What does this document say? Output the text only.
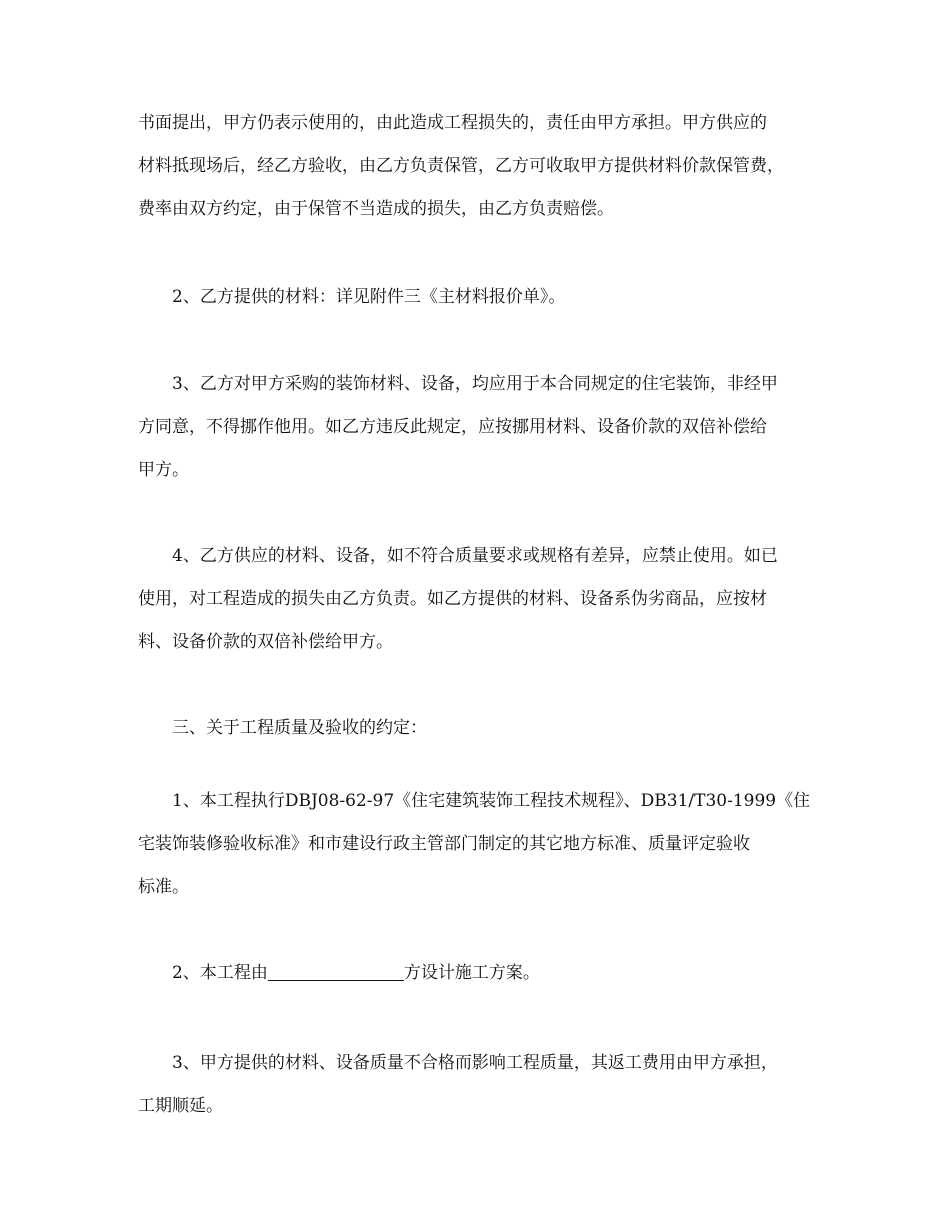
书面提出，甲方仍表示使用的，由此造成工程损失的，责任由甲方承担。甲方供应的
材料抵现场后，经乙方验收，由乙方负责保管，乙方可收取甲方提供材料价款保管费，
费率由双方约定，由于保管不当造成的损失，由乙方负责赔偿。
2、乙方提供的材料：详见附件三《主材料报价单》。
3、乙方对甲方采购的装饰材料、设备，均应用于本合同规定的住宅装饰，非经甲
方同意，不得挪作他用。如乙方违反此规定，应按挪用材料、设备价款的双倍补偿给
甲方。
4、乙方供应的材料、设备，如不符合质量要求或规格有差异，应禁止使用。如已
使用，对工程造成的损失由乙方负责。如乙方提供的材料、设备系伪劣商品，应按材
料、设备价款的双倍补偿给甲方。
三、关于工程质量及验收的约定：
1、本工程执行DBJ08-62-97《住宅建筑装饰工程技术规程》、DB31/T30-1999《住
宅装饰装修验收标准》和市建设行政主管部门制定的其它地方标准、质量评定验收
标准。
2、本工程由	方设计施工方案。
3、甲方提供的材料、设备质量不合格而影响工程质量，其返工费用由甲方承担，
工期顺延。
